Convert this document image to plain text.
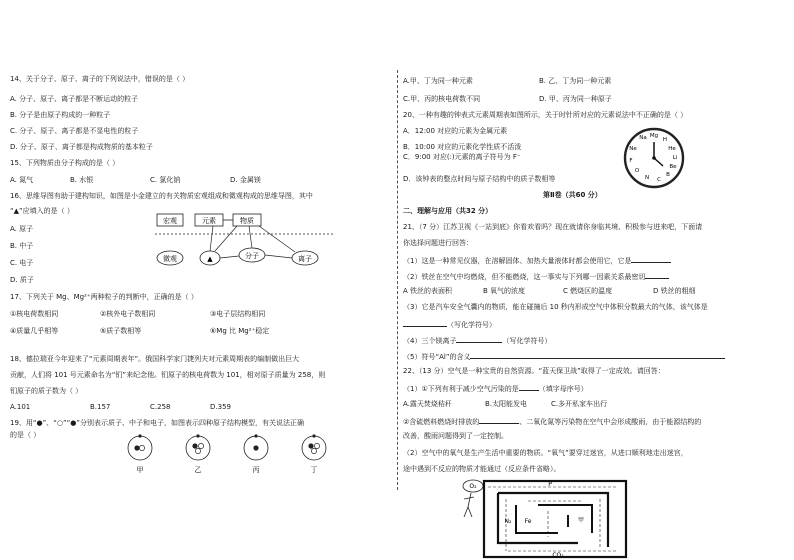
14、关于分子、原子、离子的下列说法中，错误的是（ ）
A. 分子、原子、离子都是不断运动的粒子
B. 分子是由原子构成的一种粒子
C. 分子、原子、离子都是不显电性的粒子
D. 分子、原子、离子都是构成物质的基本粒子
15、下列物质由分子构成的是（ ）
A. 氮气	B. 水银	C. 氯化钠	D. 金属镁
16、思维导图有助于建构知识，如图是小金建立的有关物质宏观组成和微观构成的思维导图，其中
“▲”应填入的是（ ）
A. 原子
B. 中子
C. 电子
D. 质子
宏观	元素	物质
微观	▲	分子	离子
17、下列关于 Mg、Mg²⁺两种粒子的判断中，正确的是（ ）
①核电荷数相同	②核外电子数相同	③电子层结构相同
④质量几乎相等	⑤质子数相等	⑥Mg 比 Mg²⁺稳定
18、德拉瑞亚今年迎来了“元素周期表年”。俄国科学家门捷列夫对元素周期表的编制做出巨大
贡献，人们将 101 号元素命名为“钔”来纪念他。钔原子的核电荷数为 101，相对原子质量为 258，则
钔原子的质子数为（ ）
A.101	B.157	C.258	D.359
19、用“●”、“○”“●”分别表示质子、中子和电子，如图表示四种原子结构模型，有关说法正确
的是（ ）
甲	乙	丙	丁
A.甲、丁为同一种元素	B. 乙、丁为同一种元素
C.甲、丙的核电荷数不同	D. 甲、丙为同一种原子
20、一种有趣的钟表式元素周期表如图所示，关于时针所对应的元素说法中不正确的是（ ）
A．12:00 对应的元素为金属元素
B．10:00 对应的元素化学性质不活泼
C．9:00 对应(:)元素的离子符号为 F⁻
D．该钟表的整点时间与原子结构中的质子数相等
Mg
Na	H
He
Li
Be
Ne
F
O
N C
B
第Ⅱ卷（共60 分）
二、理解与应用（共32 分）
21、（7 分）江苏卫视《一站到底》你看欢看吗？现在就请你身临其境、积极参与进来吧，下面请
你选择问题进行回答：
（1）这是一种常见仪器，在溶解固体、加热大量液体时都会使用它，它是
（2）铁丝在空气中均燃烧，但不能燃烧，这一事实与下列哪一因素关系最密切
A 铁丝的表面积	B 氧气的浓度	C 燃烧区的温度	D 铁丝的粗细
（3）它是汽车安全气囊内的物质，能在碰撞后 10 秒内形成空气中体积分数最大的气体，该气体是
（写化学符号）
（4）三个镁离子	（写化学符号）
（5）符号“Al”的含义
22、（13 分）空气是一种宝贵的自然资源。“蓝天保卫战”取得了一定成效。请回答：
（1）①下列有利于减少空气污染的是	（填字母序号）
A.露天焚烧秸秆	B.太阳能发电	C.多开私家车出行
②含硫燃料燃烧时排放的	、二氧化氮等污染物在空气中会形成酸雨，由于能源结构的
改善，酸雨问题得到了一定控制。
（2）空气中的氧气是生产生活中重要的物质。“氧气”要穿过迷宫，从进口顺利地走出迷宫，
途中遇到不反应的物质才能通过（反应条件省略）。
O₂	P
N₂ Fe	甲
CO₂
